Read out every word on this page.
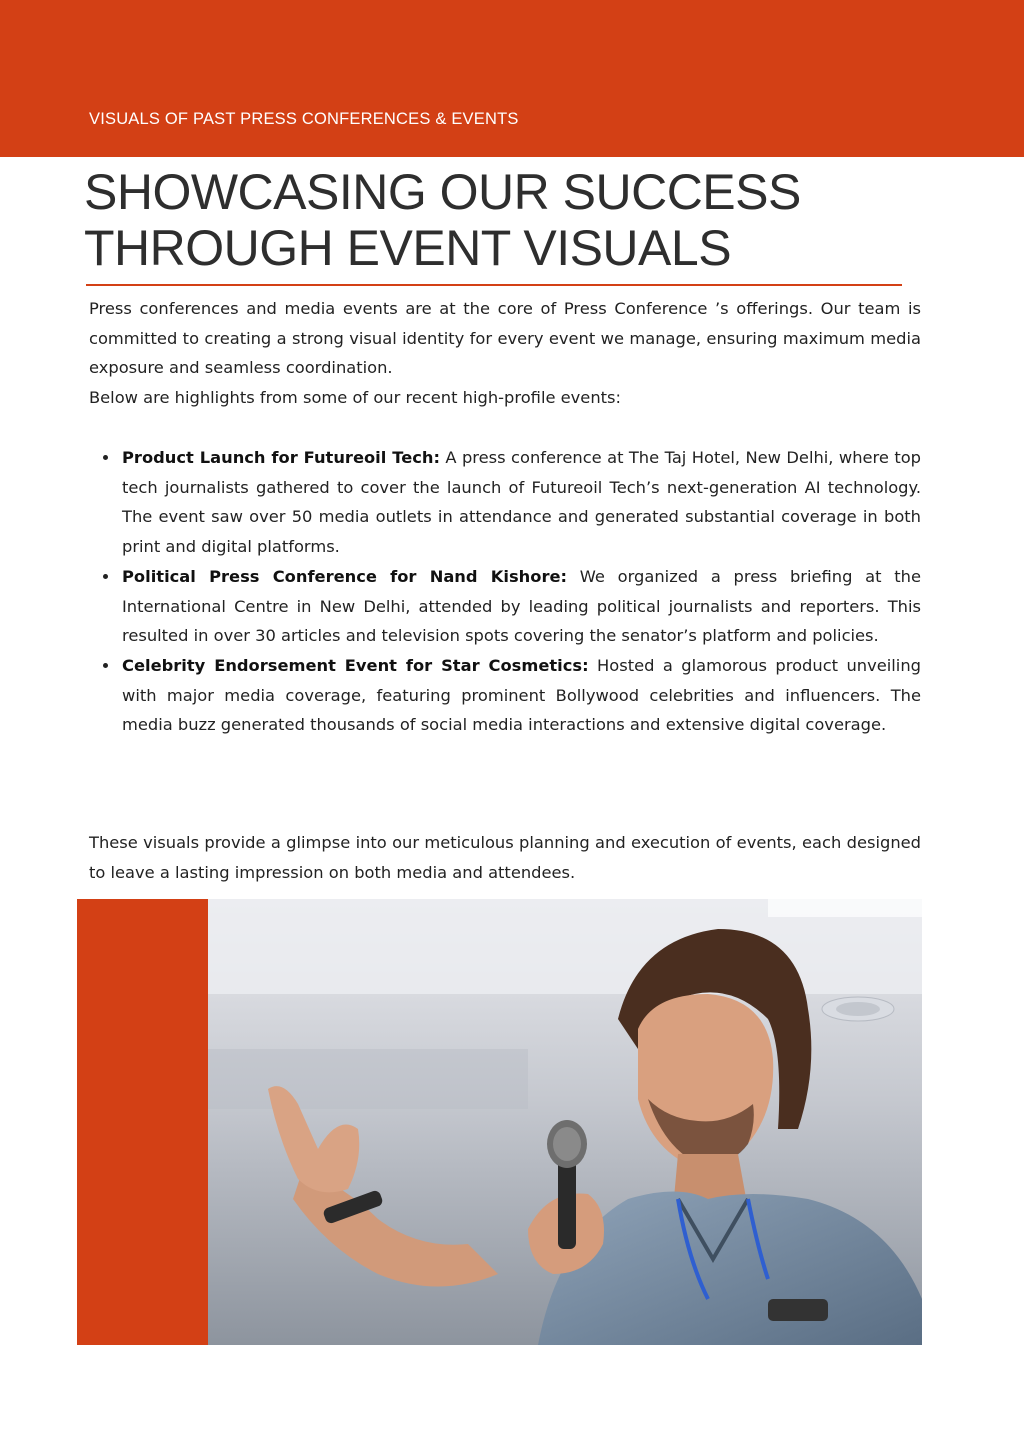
VISUALS OF PAST PRESS CONFERENCES & EVENTS
SHOWCASING OUR SUCCESS
THROUGH EVENT VISUALS

Press conferences and media events are at the core of Press Conference ’s offerings. Our team is committed to creating a strong visual identity for every event we manage, ensuring maximum media exposure and seamless coordination.

Below are highlights from some of our recent high-profile events:

Product Launch for Futureoil Tech: A press conference at The Taj Hotel, New Delhi, where top tech journalists gathered to cover the launch of Futureoil Tech’s next-generation AI technology. The event saw over 50 media outlets in attendance and generated substantial coverage in both print and digital platforms.
Political Press Conference for Nand Kishore: We organized a press briefing at the International Centre in New Delhi, attended by leading political journalists and reporters. This resulted in over 30 articles and television spots covering the senator’s platform and policies.
Celebrity Endorsement Event for Star Cosmetics: Hosted a glamorous product unveiling with major media coverage, featuring prominent Bollywood celebrities and influencers. The media buzz generated thousands of social media interactions and extensive digital coverage.

These visuals provide a glimpse into our meticulous planning and execution of events, each designed to leave a lasting impression on both media and attendees.
